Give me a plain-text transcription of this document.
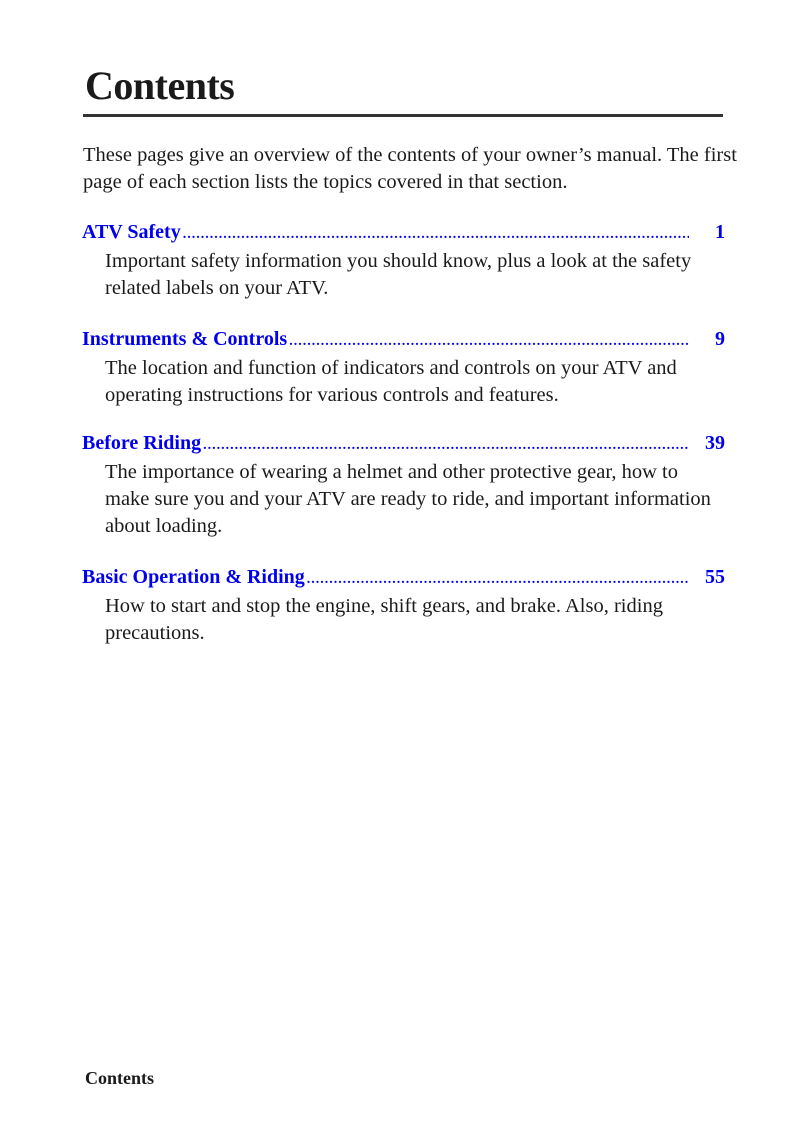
Contents

These pages give an overview of the contents of your owner’s manual. The first page of each section lists the topics covered in that section.

ATV Safety .....	1

Important safety information you should know, plus a look at the safety related labels on your ATV.

Instruments & Controls .....	9

The location and function of indicators and controls on your ATV and operating instructions for various controls and features.

Before Riding .....	39

The importance of wearing a helmet and other protective gear, how to make sure you and your ATV are ready to ride, and important information about loading.

Basic Operation & Riding .....	55

How to start and stop the engine, shift gears, and brake. Also, riding precautions.

Contents
